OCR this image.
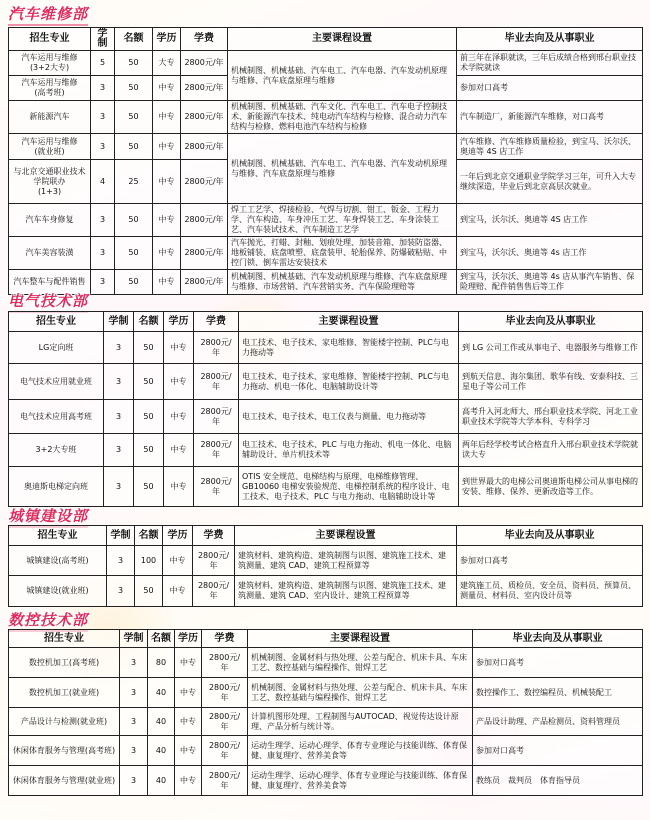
汽车维修部
招生专业	学制	名额	学历	学费	主要课程设置	毕业去向及从事职业
汽车运用与维修
(3+2大专)	5	50	大专	2800元/年	机械制图、机械基础、汽车电工、汽车电器、汽车发动机原理与维修、汽车底盘原理与维修	前三年在泽职就读，三年后成绩合格到邢台职业技术学院就读
汽车运用与维修
(高考班)	3	50	中专	2800元/年		参加对口高考
新能源汽车	3	50	中专	2800元/年	机械制图、机械基础、汽车文化、汽车电工、汽车电子控制技术、新能源汽车技术、纯电动汽车结构与检修、混合动力汽车结构与检修、燃料电池汽车结构与检修	汽车制造厂，新能源汽车维修，对口高考
汽车运用与维修
(就业班)	3	50	中专	2800元/年	机械制图、机械基础、汽车电工、汽车电器、汽车发动机原理与维修、汽车底盘原理与维修	汽车维修、汽车维修质量检验，到宝马、沃尔沃、奥迪等 4S 店工作
与北京交通职业技术学院联办
(1+3)	4	25	中专	2800元/年		一年后到北京交通职业学院学习三年，可升入大专继续深造，毕业后到北京高层次就业。
汽车车身修复	3	50	中专	2800元/年	焊工工艺学、焊接检验、气焊与切割、钳工、钣金、工程力学、汽车构造、车身冲压工艺、车身焊装工艺、车身涂装工艺、汽车装试技术、汽车制造工艺学	到宝马，沃尔沃、奥迪等 4S 店工作
汽车美容装潢	3	50	中专	2800元/年	汽车抛光、打蜡、封釉、划痕处理、加装音箱、加装防盗器、地板铺装、底盘喷塑、底盘装甲、轮胎保养、防爆破粘贴、中控门锁、倒车雷达安装技术	到宝马，沃尔沃、奥迪等 4s 店工作
汽车整车与配件销售	3	50	中专	2800元/年	机械制图、机械基础、汽车发动机原理与维修、汽车底盘原理与维修、市场营销、汽车营销实务、汽车保险理赔等	到宝马，沃尔沃、奥迪等 4s 店从事汽车销售、保险理赔、配件销售售后等工作
电气技术部
招生专业	学制	名额	学历	学费	主要课程设置	毕业去向及从事职业
LG定向班	3	50	中专	2800元/年	电工技术、电子技术、家电维修、智能楼宇控制、PLC与电力拖动等	到 LG 公司工作或从事电子、电器服务与维修工作
电气技术应用就业班	3	50	中专	2800元/年	电工技术、电子技术、家电维修、智能楼宇控制、PLC与电力拖动、机电一体化、电脑辅助设计等	到航天信息、海尔集团、歌华有线、安泰科技、三星电子等公司工作
电气技术应用高考班	3	50	中专	2800元/年	电工技术、电子技术、电工仪表与测量、电力拖动等	高考升入河北师大、邢台职业技术学院、河北工业职业技术学院等大学本科、专科学习
3+2大专班	3	50	中专	2800元/年	电工技术、电子技术、PLC 与电力拖动、机电一体化、电脑辅助设计、单片机技术等	两年后经学校考试合格直升入邢台职业技术学院就读大专
奥迪斯电梯定向班	3	50	中专	2800元/年	OTIS 安全规范、电梯结构与原理、电梯维修管理、GB10060 电梯安装验规范、电梯控制系统的程序设计、电工技术、电子技术、PLC 与电力拖动、电脑辅助设计等	到世界最大的电梯公司奥迪斯电梯公司从事电梯的安装、维修、保养、更新改造等工作。
城镇建设部
招生专业	学制	名额	学历	学费	主要课程设置	毕业去向及从事职业
城镇建设(高考班)	3	100	中专	2800元/年	建筑材料、建筑构造、建筑制图与识图、建筑施工技术、建筑测量、建筑 CAD、建筑工程预算等	参加对口高考
城镇建设(就业班)	3	50	中专	2800元/年	建筑材料、建筑构造、建筑制图与识图、建筑施工技术、建筑测量、建筑 CAD、室内设计、建筑工程预算等	建筑施工员、质检员、安全员、资料员、预算员、测量员、材料员、室内设计员等
数控技术部
招生专业	学制	名额	学历	学费	主要课程设置	毕业去向及从事职业
数控机加工(高考班)	3	80	中专	2800元/年	机械制图、金属材料与热处理、公差与配合、机床卡具、车床工艺、数控基础与编程操作、钳焊工艺	参加对口高考
数控机加工(就业班)	3	40	中专	2800元/年	机械制图、金属材料与热处理、公差与配合、机床卡具、车床工艺、数控基础与编程操作、钳焊工艺	数控操作工、数控编程员、机械装配工
产品设计与检测(就业班)	3	40	中专	2800元/年	计算机图形处理、工程制图与AUTOCAD、视觉传达设计原理、产品分析与统计等。	产品设计助理、产品检测员、资料管理员
休闲体育服务与管理(高考班)	3	40	中专	2800元/年	运动生理学、运动心理学、体育专业理论与技能训练、体育保健、康复理疗、营养美食等	参加对口高考
休闲体育服务与管理(就业班)	3	40	中专	2800元/年	运动生理学、运动心理学、体育专业理论与技能训练、体育保健、康复理疗、营养美食等	教练员　裁判员　体育指导员
